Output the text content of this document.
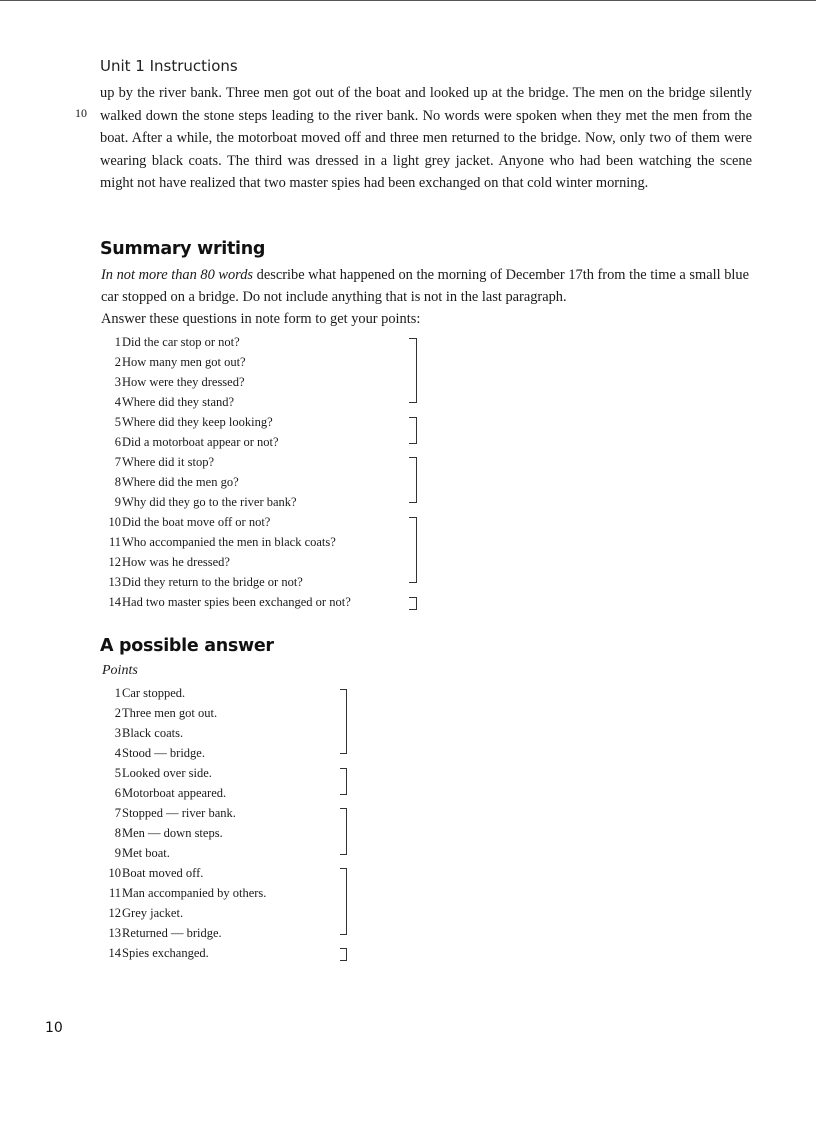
Unit 1 Instructions

up by the river bank. Three men got out of the boat and looked up at the bridge. The men on the bridge silently walked down the stone steps leading to the river bank. No words were spoken when they met the men from the boat. After a while, the motorboat moved off and three men returned to the bridge. Now, only two of them were wearing black coats. The third was dressed in a light grey jacket. Anyone who had been watching the scene might not have realized that two master spies had been exchanged on that cold winter morning.

10
Summary writing

In not more than 80 words describe what happened on the morning of December 17th from the time a small blue car stopped on a bridge. Do not include anything that is not in the last paragraph.

Answer these questions in note form to get your points:

1 Did the car stop or not?
2 How many men got out?
3 How were they dressed?
4 Where did they stand?
5 Where did they keep looking?
6 Did a motorboat appear or not?
7 Where did it stop?
8 Where did the men go?
9 Why did they go to the river bank?
10 Did the boat move off or not?
11 Who accompanied the men in black coats?
12 How was he dressed?
13 Did they return to the bridge or not?
14 Had two master spies been exchanged or not?
A possible answer
Points
1 Car stopped.
2 Three men got out.
3 Black coats.
4 Stood — bridge.
5 Looked over side.
6 Motorboat appeared.
7 Stopped — river bank.
8 Men — down steps.
9 Met boat.
10 Boat moved off.
11 Man accompanied by others.
12 Grey jacket.
13 Returned — bridge.
14 Spies exchanged.
10
